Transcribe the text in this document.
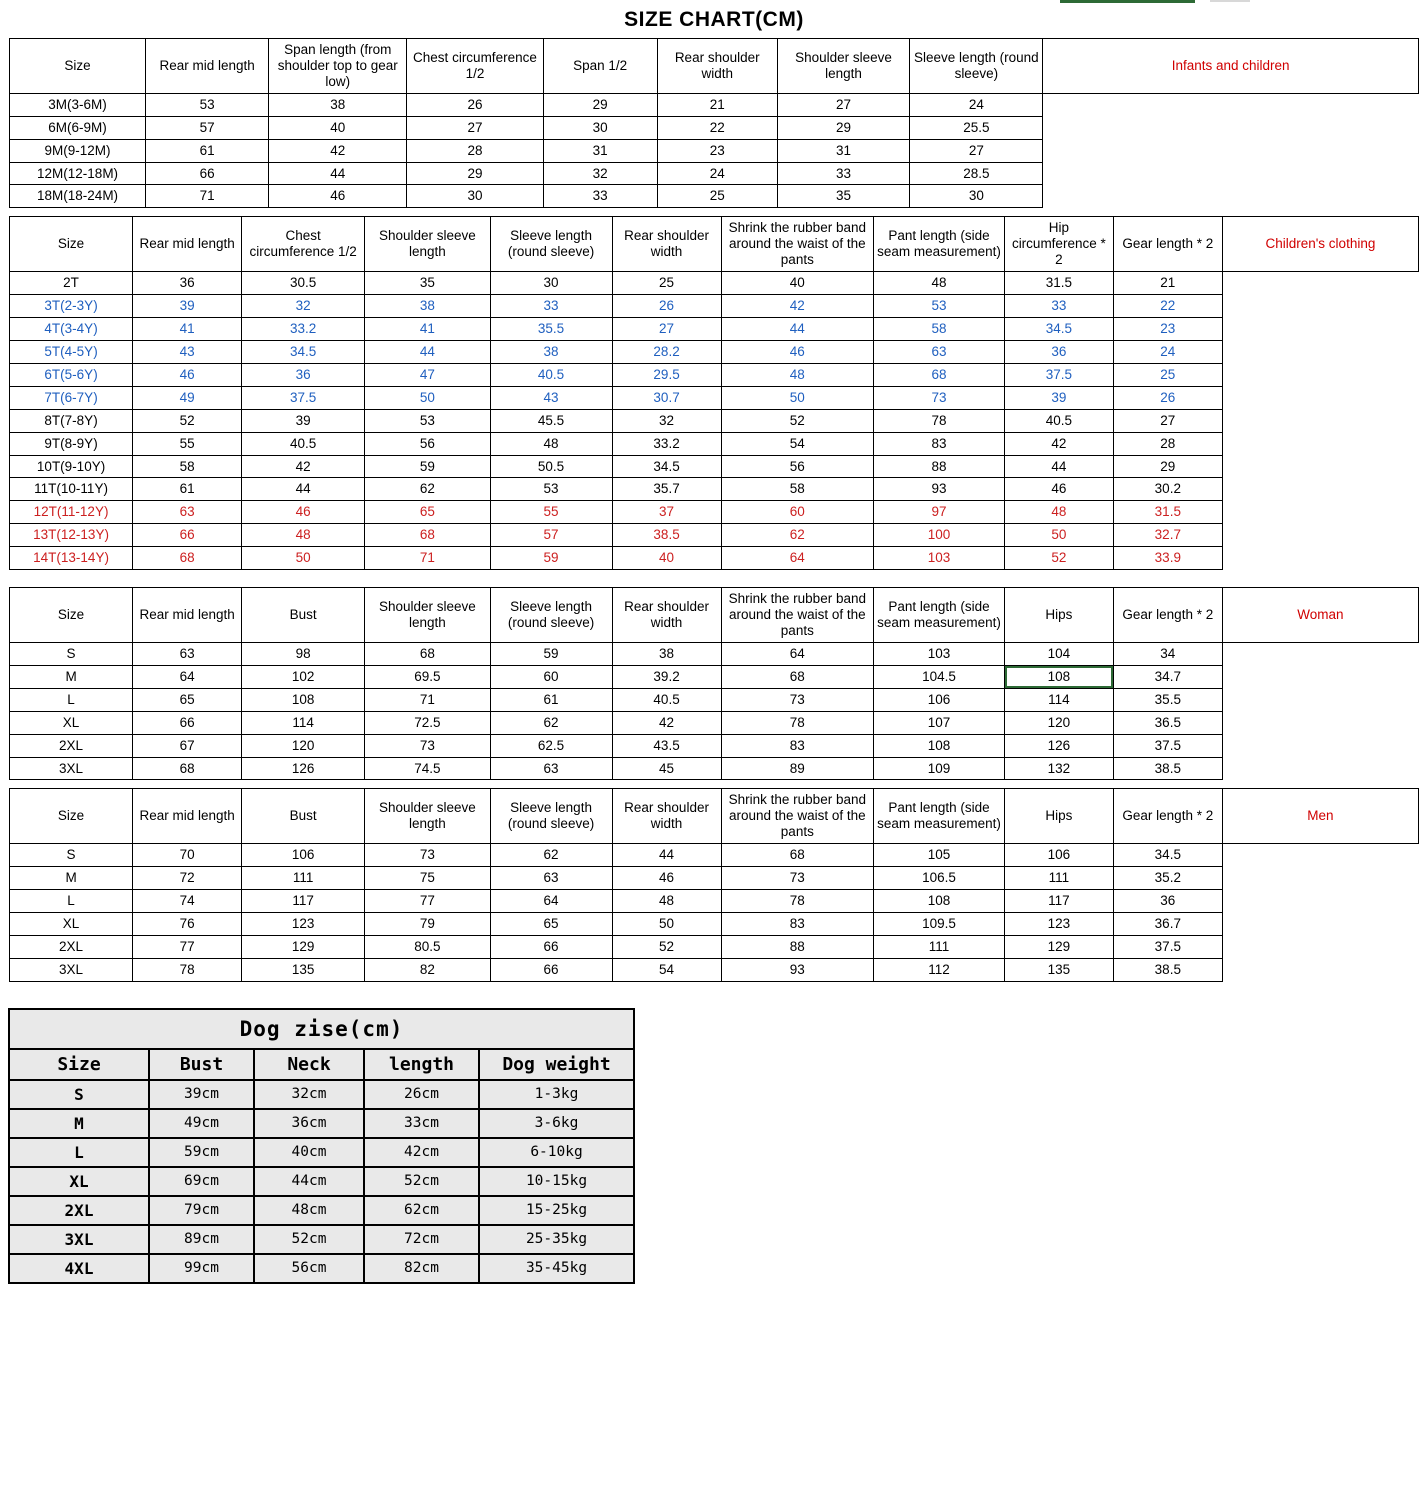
SIZE CHART(CM)
Size	Rear mid length	Span length (from shoulder top to gear low)	Chest circumference 1/2	Span 1/2	Rear shoulder width	Shoulder sleeve length	Sleeve length (round sleeve)	Infants and children
3M(3-6M)	53	38	26	29	21	27	24	
6M(6-9M)	57	40	27	30	22	29	25.5	
9M(9-12M)	61	42	28	31	23	31	27	
12M(12-18M)	66	44	29	32	24	33	28.5	
18M(18-24M)	71	46	30	33	25	35	30	
Size	Rear mid length	Chest circumference 1/2	Shoulder sleeve length	Sleeve length (round sleeve)	Rear shoulder width	Shrink the rubber band around the waist of the pants	Pant length (side seam measurement)	Hip circumference * 2	Gear length * 2	Children's clothing
2T	36	30.5	35	30	25	40	48	31.5	21	
3T(2-3Y)	39	32	38	33	26	42	53	33	22	
4T(3-4Y)	41	33.2	41	35.5	27	44	58	34.5	23	
5T(4-5Y)	43	34.5	44	38	28.2	46	63	36	24	
6T(5-6Y)	46	36	47	40.5	29.5	48	68	37.5	25	
7T(6-7Y)	49	37.5	50	43	30.7	50	73	39	26	
8T(7-8Y)	52	39	53	45.5	32	52	78	40.5	27	
9T(8-9Y)	55	40.5	56	48	33.2	54	83	42	28	
10T(9-10Y)	58	42	59	50.5	34.5	56	88	44	29	
11T(10-11Y)	61	44	62	53	35.7	58	93	46	30.2	
12T(11-12Y)	63	46	65	55	37	60	97	48	31.5	
13T(12-13Y)	66	48	68	57	38.5	62	100	50	32.7	
14T(13-14Y)	68	50	71	59	40	64	103	52	33.9	
Size	Rear mid length	Bust	Shoulder sleeve length	Sleeve length (round sleeve)	Rear shoulder width	Shrink the rubber band around the waist of the pants	Pant length (side seam measurement)	Hips	Gear length * 2	Woman
S	63	98	68	59	38	64	103	104	34	
M	64	102	69.5	60	39.2	68	104.5	108	34.7	
L	65	108	71	61	40.5	73	106	114	35.5	
XL	66	114	72.5	62	42	78	107	120	36.5	
2XL	67	120	73	62.5	43.5	83	108	126	37.5	
3XL	68	126	74.5	63	45	89	109	132	38.5	
Size	Rear mid length	Bust	Shoulder sleeve length	Sleeve length (round sleeve)	Rear shoulder width	Shrink the rubber band around the waist of the pants	Pant length (side seam measurement)	Hips	Gear length * 2	Men
S	70	106	73	62	44	68	105	106	34.5	
M	72	111	75	63	46	73	106.5	111	35.2	
L	74	117	77	64	48	78	108	117	36	
XL	76	123	79	65	50	83	109.5	123	36.7	
2XL	77	129	80.5	66	52	88	111	129	37.5	
3XL	78	135	82	66	54	93	112	135	38.5	
Dog zise(cm)				
Size	Bust	Neck	length	Dog weight
S	39cm	32cm	26cm	1-3kg
M	49cm	36cm	33cm	3-6kg
L	59cm	40cm	42cm	6-10kg
XL	69cm	44cm	52cm	10-15kg
2XL	79cm	48cm	62cm	15-25kg
3XL	89cm	52cm	72cm	25-35kg
4XL	99cm	56cm	82cm	35-45kg
